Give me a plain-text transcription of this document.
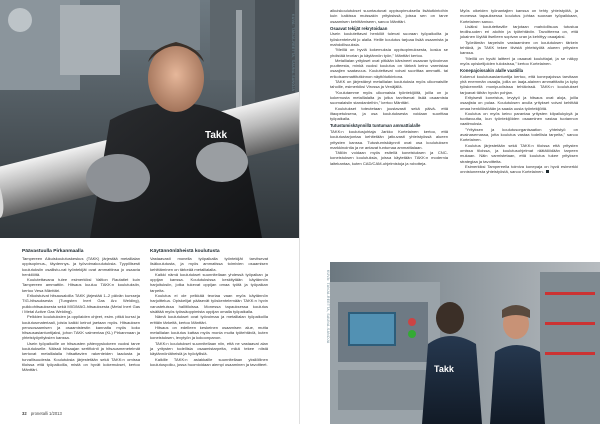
Takk
KUVA: TANJA-REETTA, SAUNA-SANOJA
Päävastuulla Pirkanmaalla

Tampereen Aikuiskoulutuskeskus (TAKK) järjestää metallialan oppisopimus-, täydennys- ja työvoimakoulutuksia. Tyypillisesti koulutuksiin osallistu-vat työntekijät ovat ammattinsa jo osaavia henkilöitä.

Koulutettavana tulee esimerkiksi Valtion Rautatiet kuin Tampereen ammattiin. Hitsaus kuuluu TAKK:n koulutuksiin, kertoo Vesa Mänttäri.

Erikoistuivat hitsausaloilla TAKK järjestää 1–2 päivän kursseja TIG-hitsauksesta (Tungsten Inert Gas Arc Welding), puikkohitsauksesta sekä MIG/MAG-hitsauksesta (Metal Inert Gas / Metal Active Gas Welding).

Pelkkien koulutuksien ja oppilaiden ohjeet, esim. pitkä kurssi ja koulutusmateriaali, joista kaikki keinot jaetaan myös. Hitsauksen perusosaamisen ja osaamistestin kannalta myös koko hitsausasiantuntijaksi, johon TAKK valmentaa (KL) Pirkanmaan ja yhteistyöyrityksien kanssa.

Usein työpaikoille on hitsausten pätevyyskokeen vuoksi tarve koulutukselle. Näissä hitsaajan sertifiointi ja hitsausmenetelmät kertovat metallialalla hitsattavien rakenteiden laadusta ja turvallisuudesta. Koulutuksia järjestetään sekä TAKK:n omissa tiloissa että työpaikoilla, mistä on hyvät kokemukset, kertoo Mänttäri.

Käytännönläheistä koulutusta

Vastaavasti monella työpaikalla työntekijät tarvitsevat lisäkoulutusta, ja myös ammatissa toimivien osaamisen kehittäminen on tärkeää metallialalla.

Kaikki nämä koulutukset suunnitellaan yhdessä työpaikan ja oppijan kanssa. Koulutuksissa keskitytään käytännön harjoituksiin, jotka tukevat oppijan omaa työtä ja työpaikan tarpeita.

Koulutus ei ole pelkkää teoriaa vaan myös käytännön harjoittelua. Opiskelijat pääsevät työskentelemään TAKK:n hyvin varustetuissa hallitiloissa. Monessa tapauksessa koulutus sisältää myös työssäoppimista oppijan omalla työpaikalla.

Nämä koulutukset ovat työvoimaa ja metallialan työpaikoilla erittäin tärkeitä, kertoo Mänttäri.

Hitsaus on edelleen keskeinen osaamisen alue, mutta metallialan koulutus kattaa myös monia muita työtehtäviä, kuten koneistuksen, levytyön ja kokoonpanon.

TAKK:n koulutukset suunnitellaan niin, että ne vastaavat alan ja yritysten todellisia osaamistarpeita, mikä tekee niistä käytännönläheisiä ja hyödyllisiä.

Kaikille TAKK:n asiakkaille suunnitellaan yksilöllinen koulutuspolku, jossa huomioidaan aiempi osaaminen ja tavoitteet.

32 pronetalli 1/2013

aikuiskoulutukset suuntautuvat oppisopimuksella lisätutkintoihin kuin kaikissa muissakin yrityksissä, joissa sen on tarve osaamisen kehittämiseen, sanoo Mänttäri.

Osaavat tekijät rekrytoidaan

Usein koulutettavat henkilöt tulevat suoraan työpaikoilta ja työskentelevät jo alalla. Heille koulutus tarjoaa lisää osaamista ja mahdollisuuksia.

"Meillä on hyviä kokemuksia oppisopimuksesta, koska se yhdistää teorian ja käytännön työn," Mänttäri kertoo.

Metallialan yritykset ovat pitkään kärsineet osaavan työvoiman puutteesta, minkä vuoksi koulutus on tärkeä keino varmistaa osaajien saatavuus. Koulutettavat voivat suorittaa ammatti- tai erikoisammattitutkinnon näyttötutkintona.

TAKK on järjestänyt metallialan koulutuksia myös ulkomaisille tahoille, esimerkiksi Virossa ja Venäjällä.

"Koulutamme myös ulkomaisia työntekijöitä, joilla on jo kokemusta metallialalta ja jotka tarvitsevat lisää osaamista suomalaisiin standardeihin," kertoo Mänttäri.

Koulutukset toteutetaan joustavasti sekä päivä- että iltaopetuksena, ja osa koulutuksesta voidaan suorittaa työpaikalla.

Tutustumiskäynnillä tuntuman ammattialalle

TAKK:n koulutusjohtaja Jarkko Kortelainen kertoo, että koulutustarjontaa kehitetään jatkuvasti yhteistyössä alueen yritysten kanssa. Tutustumiskäynnit ovat osa koulutuksen markkinointia ja ne antavat tuntumaa ammattialaan.

Tällöin voidaan myös esitellä koneistuksen ja CNC-koneistuksen koulutuksia, joissa käytetään TAKK:n modernia laitekantaa, kuten CAD/CAM-ohjelmistoja ja robotteja.

Myös oikeiden työnantajien kanssa on tehty yhteistyötä, ja monessa tapauksessa koulutus johtaa suoraan työpaikkaan, Kortelainen sanoo.

Lisäksi koulutettaville tarjotaan mahdollisuus tutustua teollisuuden eri aloihin ja työtehtäviin. Tavoitteena on, että jokainen löytää itselleen sopivan uran ja kehittyy osaajaksi.

Työelämän tarpeisiin vastaaminen on koulutuksen tärkein tehtävä, ja TAKK tekee tiivistä yhteistyötä alueen yritysten kanssa.

"Meillä on hyvät laitteet ja osaavat kouluttajat, ja se näkyy myös opiskelijoiden tuloksissa," kertoo Kortelainen.

Konepajoissakin alalle vaatiilla

Kokenut koulutusasiantuntija kertoo, että konepajoissa tarvitaan yhä enemmän osaajia, joilla on laaja-alainen ammattitaito ja kyky työskennellä monipuolisissa tehtävissä. TAKK:n koulutukset tarjoavat tähän hyvän pohjan.

Erityisesti koneistus, levytyö ja hitsaus ovat aloja, joilla osaajista on pulaa. Koulutuksen avulla yritykset voivat kehittää omaa henkilöstöään ja saada uusia työntekijöitä.

Koulutus on myös keino parantaa yritysten kilpailukykyä ja tuottavuutta, kun työntekijöiden osaaminen vastaa tuotannon vaatimuksia.

"Yrityksen ja koulutusorganisaation yhteistyö on avainasemassa, jotta koulutus vastaa todellisia tarpeita," sanoo Kortelainen.

Koulutus järjestetään sekä TAKK:n tiloissa että yritysten omissa tiloissa, ja koulutusohjelmat räätälöidään tarpeen mukaan. Näin varmistetaan, että koulutus tukee yrityksen strategiaa ja tavoitteita.

Esimerkiksi Tampereella toimiva konepaja on hyvä esimerkki onnistuneesta yhteistyöstä, sanoo Kortelainen.

KUVA: TANJA-REETTA, SAUNA-SANOJA
Takk
